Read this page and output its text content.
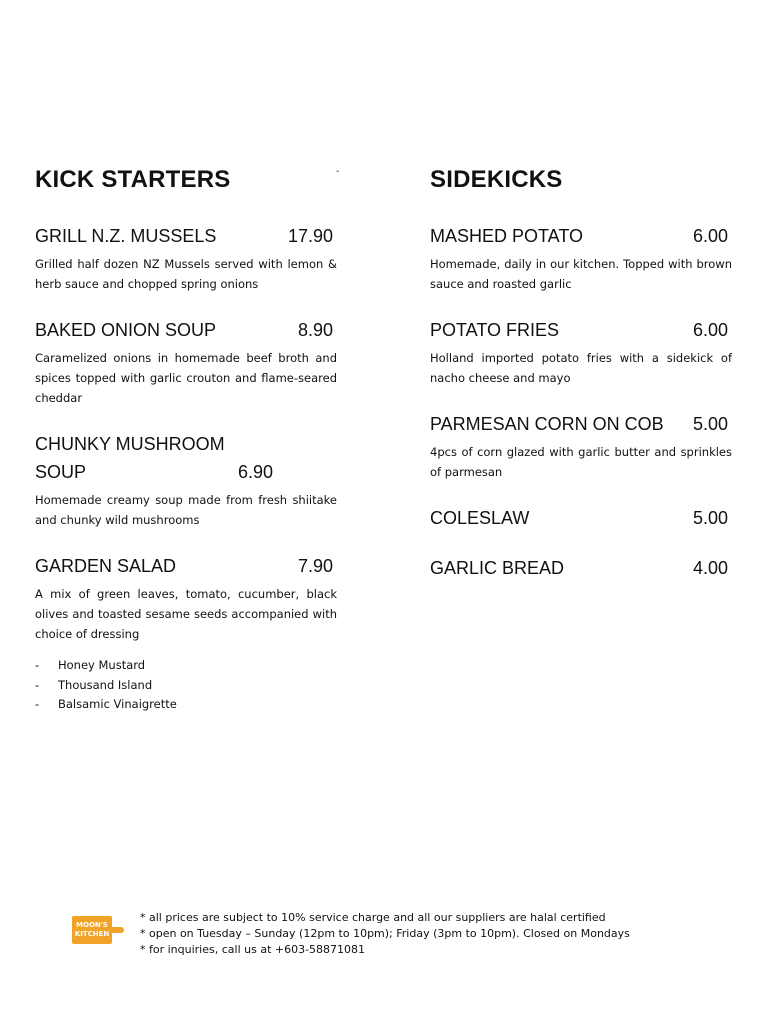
-
KICK STARTERS
GRILL N.Z. MUSSELS	17.90
Grilled half dozen NZ Mussels served with lemon & herb sauce and chopped spring onions
BAKED ONION SOUP	8.90
Caramelized onions in homemade beef broth and spices topped with garlic crouton and flame-seared cheddar
CHUNKY MUSHROOM SOUP	6.90
Homemade creamy soup made from fresh shiitake and chunky wild mushrooms
GARDEN SALAD	7.90
A mix of green leaves, tomato, cucumber, black olives and toasted sesame seeds accompanied with choice of dressing
-	Honey Mustard
-	Thousand Island
-	Balsamic Vinaigrette
SIDEKICKS
MASHED POTATO	6.00
Homemade, daily in our kitchen. Topped with brown sauce and roasted garlic
POTATO FRIES	6.00
Holland imported potato fries with a sidekick of nacho cheese and mayo
PARMESAN CORN ON COB	5.00
4pcs of corn glazed with garlic butter and sprinkles of parmesan
COLESLAW	5.00
GARLIC BREAD	4.00
MOON'S
KITCHEN
* all prices are subject to 10% service charge and all our suppliers are halal certified
* open on Tuesday – Sunday (12pm to 10pm); Friday (3pm to 10pm). Closed on Mondays
* for inquiries, call us at +603-58871081
